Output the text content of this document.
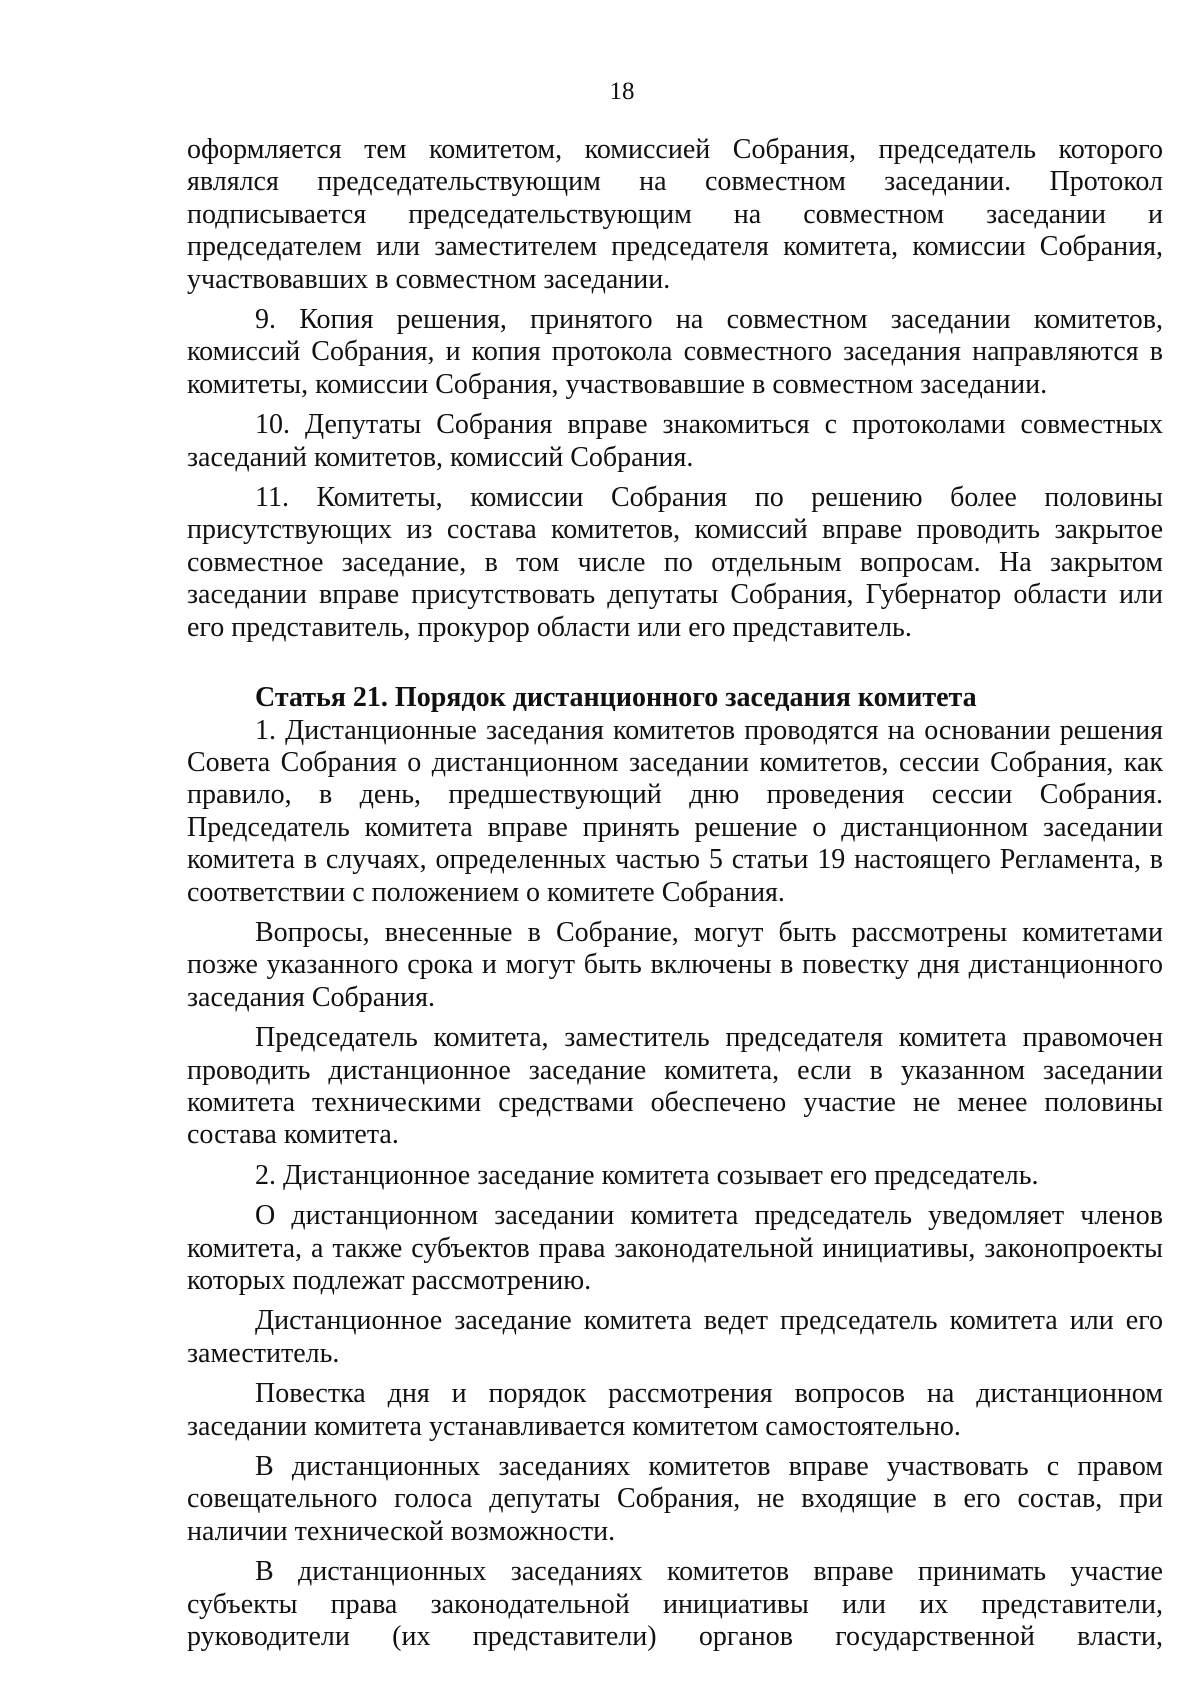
18

оформляется тем комитетом, комиссией Собрания, председатель которого являлся председательствующим на совместном заседании. Протокол подписывается председательствующим на совместном заседании и председателем или заместителем председателя комитета, комиссии Собрания, участвовавших в совместном заседании.

9. Копия решения, принятого на совместном заседании комитетов, комиссий Собрания, и копия протокола совместного заседания направляются в комитеты, комиссии Собрания, участвовавшие в совместном заседании.

10. Депутаты Собрания вправе знакомиться с протоколами совместных заседаний комитетов, комиссий Собрания.

11. Комитеты, комиссии Собрания по решению более половины присутствующих из состава комитетов, комиссий вправе проводить закрытое совместное заседание, в том числе по отдельным вопросам. На закрытом заседании вправе присутствовать депутаты Собрания, Губернатор области или его представитель, прокурор области или его представитель.

Статья 21. Порядок дистанционного заседания комитета

1. Дистанционные заседания комитетов проводятся на основании решения Совета Собрания о дистанционном заседании комитетов, сессии Собрания, как правило, в день, предшествующий дню проведения сессии Собрания. Председатель комитета вправе принять решение о дистанционном заседании комитета в случаях, определенных частью 5 статьи 19 настоящего Регламента, в соответствии с положением о комитете Собрания.

Вопросы, внесенные в Собрание, могут быть рассмотрены комитетами позже указанного срока и могут быть включены в повестку дня дистанционного заседания Собрания.

Председатель комитета, заместитель председателя комитета правомочен проводить дистанционное заседание комитета, если в указанном заседании комитета техническими средствами обеспечено участие не менее половины состава комитета.

2. Дистанционное заседание комитета созывает его председатель.

О дистанционном заседании комитета председатель уведомляет членов комитета, а также субъектов права законодательной инициативы, законопроекты которых подлежат рассмотрению.

Дистанционное заседание комитета ведет председатель комитета или его заместитель.

Повестка дня и порядок рассмотрения вопросов на дистанционном заседании комитета устанавливается комитетом самостоятельно.

В дистанционных заседаниях комитетов вправе участвовать с правом совещательного голоса депутаты Собрания, не входящие в его состав, при наличии технической возможности.

В дистанционных заседаниях комитетов вправе принимать участие субъекты права законодательной инициативы или их представители, руководители (их представители) органов государственной власти,
